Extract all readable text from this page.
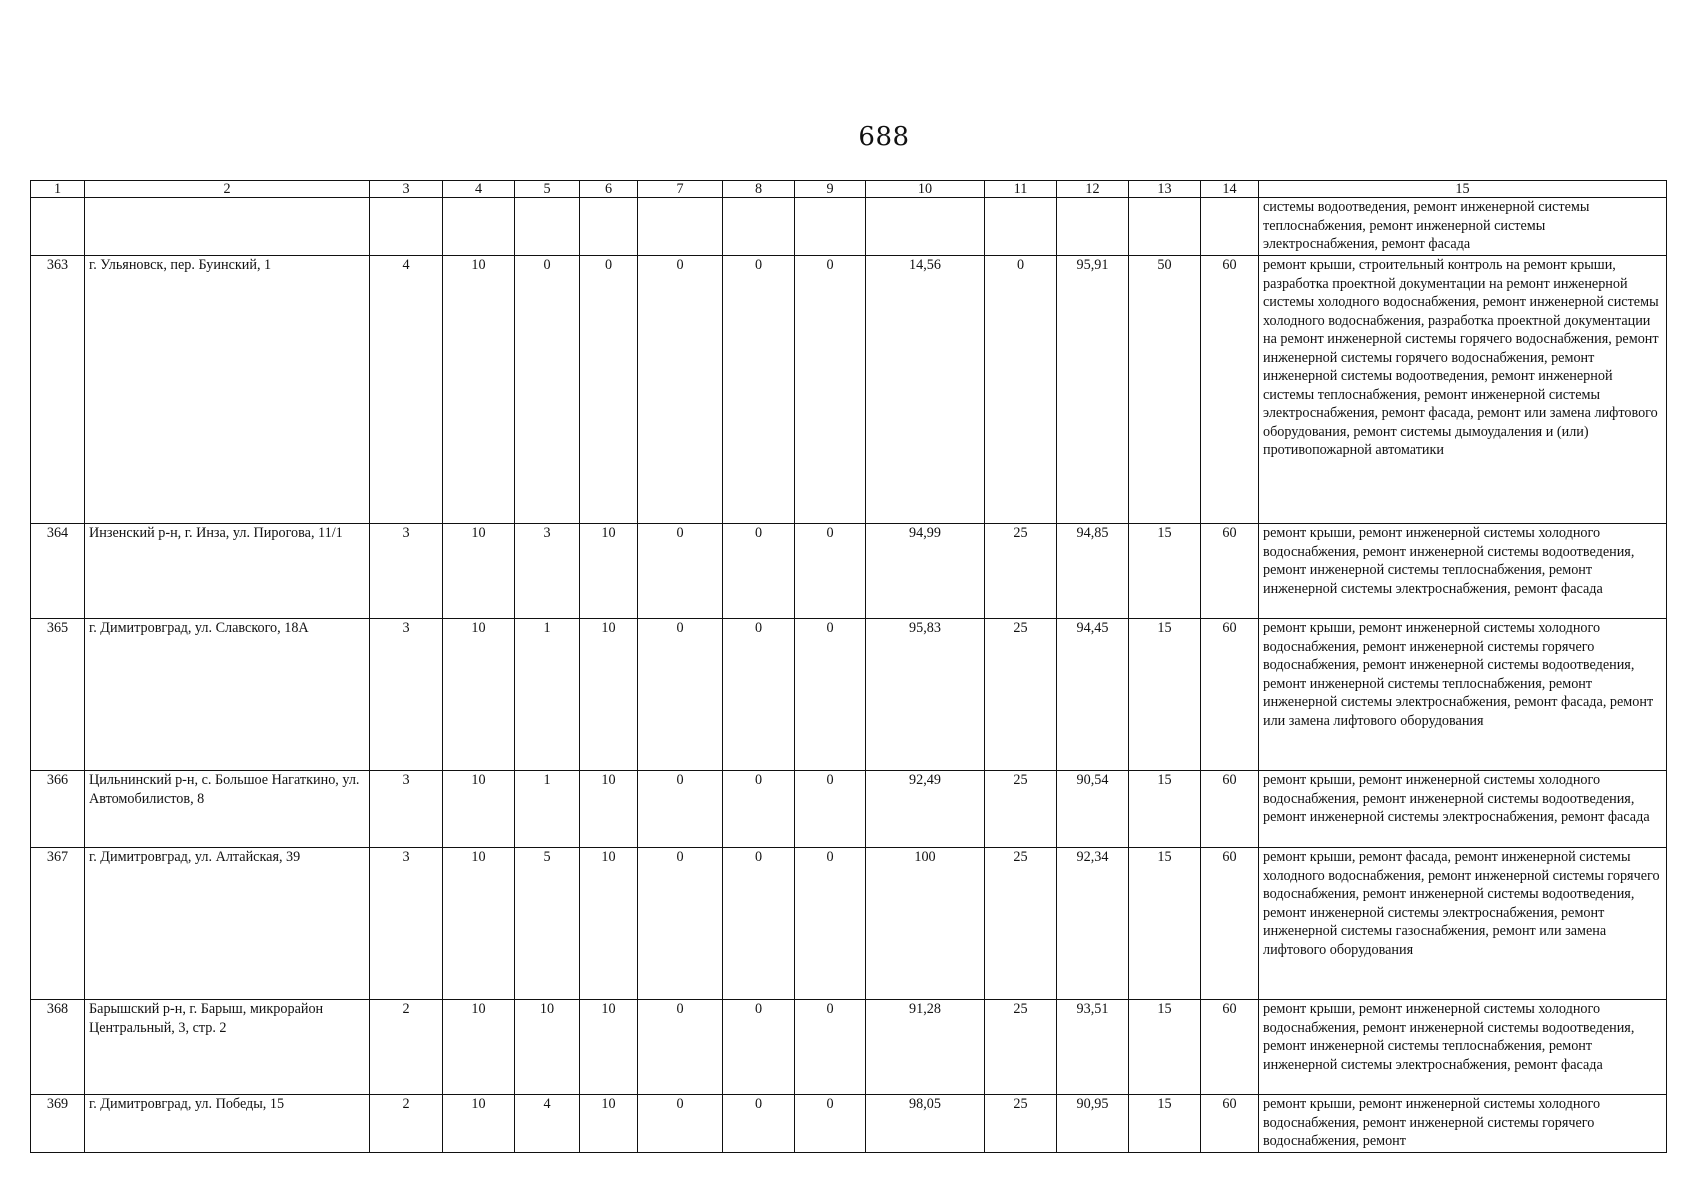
688
1	2	3	4	5	6	7	8	9	10	11	12	13	14	15
														системы водоотведения, ремонт инженерной системы теплоснабжения, ремонт инженерной системы электроснабжения, ремонт фасада
363	г. Ульяновск, пер. Буинский, 1	4	10	0	0	0	0	0	14,56	0	95,91	50	60	ремонт крыши, строительный контроль на ремонт крыши, разработка проектной документации на ремонт инженерной системы холодного водоснабжения, ремонт инженерной системы холодного водоснабжения, разработка проектной документации на ремонт инженерной системы горячего водоснабжения, ремонт инженерной системы горячего водоснабжения, ремонт инженерной системы водоотведения, ремонт инженерной системы теплоснабжения, ремонт инженерной системы электроснабжения, ремонт фасада, ремонт или замена лифтового оборудования, ремонт системы дымоудаления и (или) противопожарной автоматики
364	Инзенский р-н, г. Инза, ул. Пирогова, 11/1	3	10	3	10	0	0	0	94,99	25	94,85	15	60	ремонт крыши, ремонт инженерной системы холодного водоснабжения, ремонт инженерной системы водоотведения, ремонт инженерной системы теплоснабжения, ремонт инженерной системы электроснабжения, ремонт фасада
365	г. Димитровград, ул. Славского, 18А	3	10	1	10	0	0	0	95,83	25	94,45	15	60	ремонт крыши, ремонт инженерной системы холодного водоснабжения, ремонт инженерной системы горячего водоснабжения, ремонт инженерной системы водоотведения, ремонт инженерной системы теплоснабжения, ремонт инженерной системы электроснабжения, ремонт фасада, ремонт или замена лифтового оборудования
366	Цильнинский р-н, с. Большое Нагаткино, ул. Автомобилистов, 8	3	10	1	10	0	0	0	92,49	25	90,54	15	60	ремонт крыши, ремонт инженерной системы холодного водоснабжения, ремонт инженерной системы водоотведения, ремонт инженерной системы электроснабжения, ремонт фасада
367	г. Димитровград, ул. Алтайская, 39	3	10	5	10	0	0	0	100	25	92,34	15	60	ремонт крыши, ремонт фасада, ремонт инженерной системы холодного водоснабжения, ремонт инженерной системы горячего водоснабжения, ремонт инженерной системы водоотведения, ремонт инженерной системы электроснабжения, ремонт инженерной системы газоснабжения, ремонт или замена лифтового оборудования
368	Барышский р-н, г. Барыш, микрорайон Центральный, 3, стр. 2	2	10	10	10	0	0	0	91,28	25	93,51	15	60	ремонт крыши, ремонт инженерной системы холодного водоснабжения, ремонт инженерной системы водоотведения, ремонт инженерной системы теплоснабжения, ремонт инженерной системы электроснабжения, ремонт фасада
369	г. Димитровград, ул. Победы, 15	2	10	4	10	0	0	0	98,05	25	90,95	15	60	ремонт крыши, ремонт инженерной системы холодного водоснабжения, ремонт инженерной системы горячего водоснабжения, ремонт
